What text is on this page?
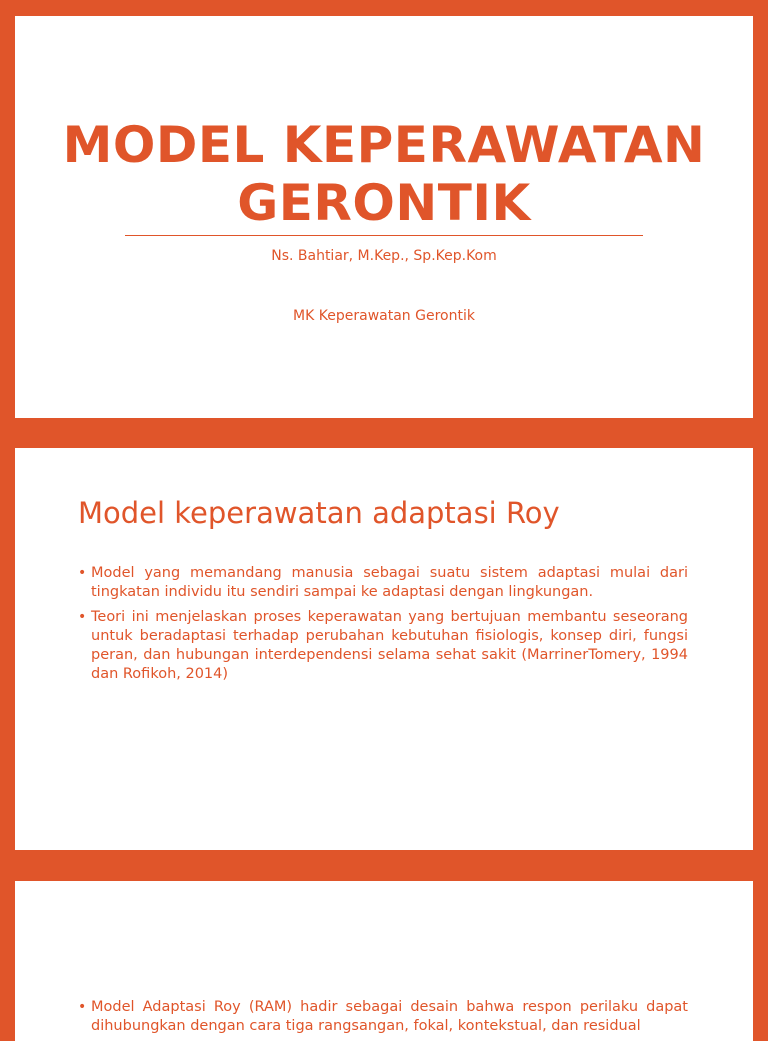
MODEL KEPERAWATAN
GERONTIK
Ns. Bahtiar, M.Kep., Sp.Kep.Kom
MK Keperawatan Gerontik
Model keperawatan adaptasi Roy
• Model yang memandang manusia sebagai suatu sistem adaptasi mulai dari tingkatan individu itu sendiri sampai ke adaptasi dengan lingkungan.
• Teori ini menjelaskan proses keperawatan yang bertujuan membantu seseorang untuk beradaptasi terhadap perubahan kebutuhan fisiologis, konsep diri, fungsi peran, dan hubungan interdependensi selama sehat sakit (MarrinerTomery, 1994 dan Rofikoh, 2014)
• Model Adaptasi Roy (RAM) hadir sebagai desain bahwa respon perilaku dapat dihubungkan dengan cara tiga rangsangan, fokal, kontekstual, dan residual
